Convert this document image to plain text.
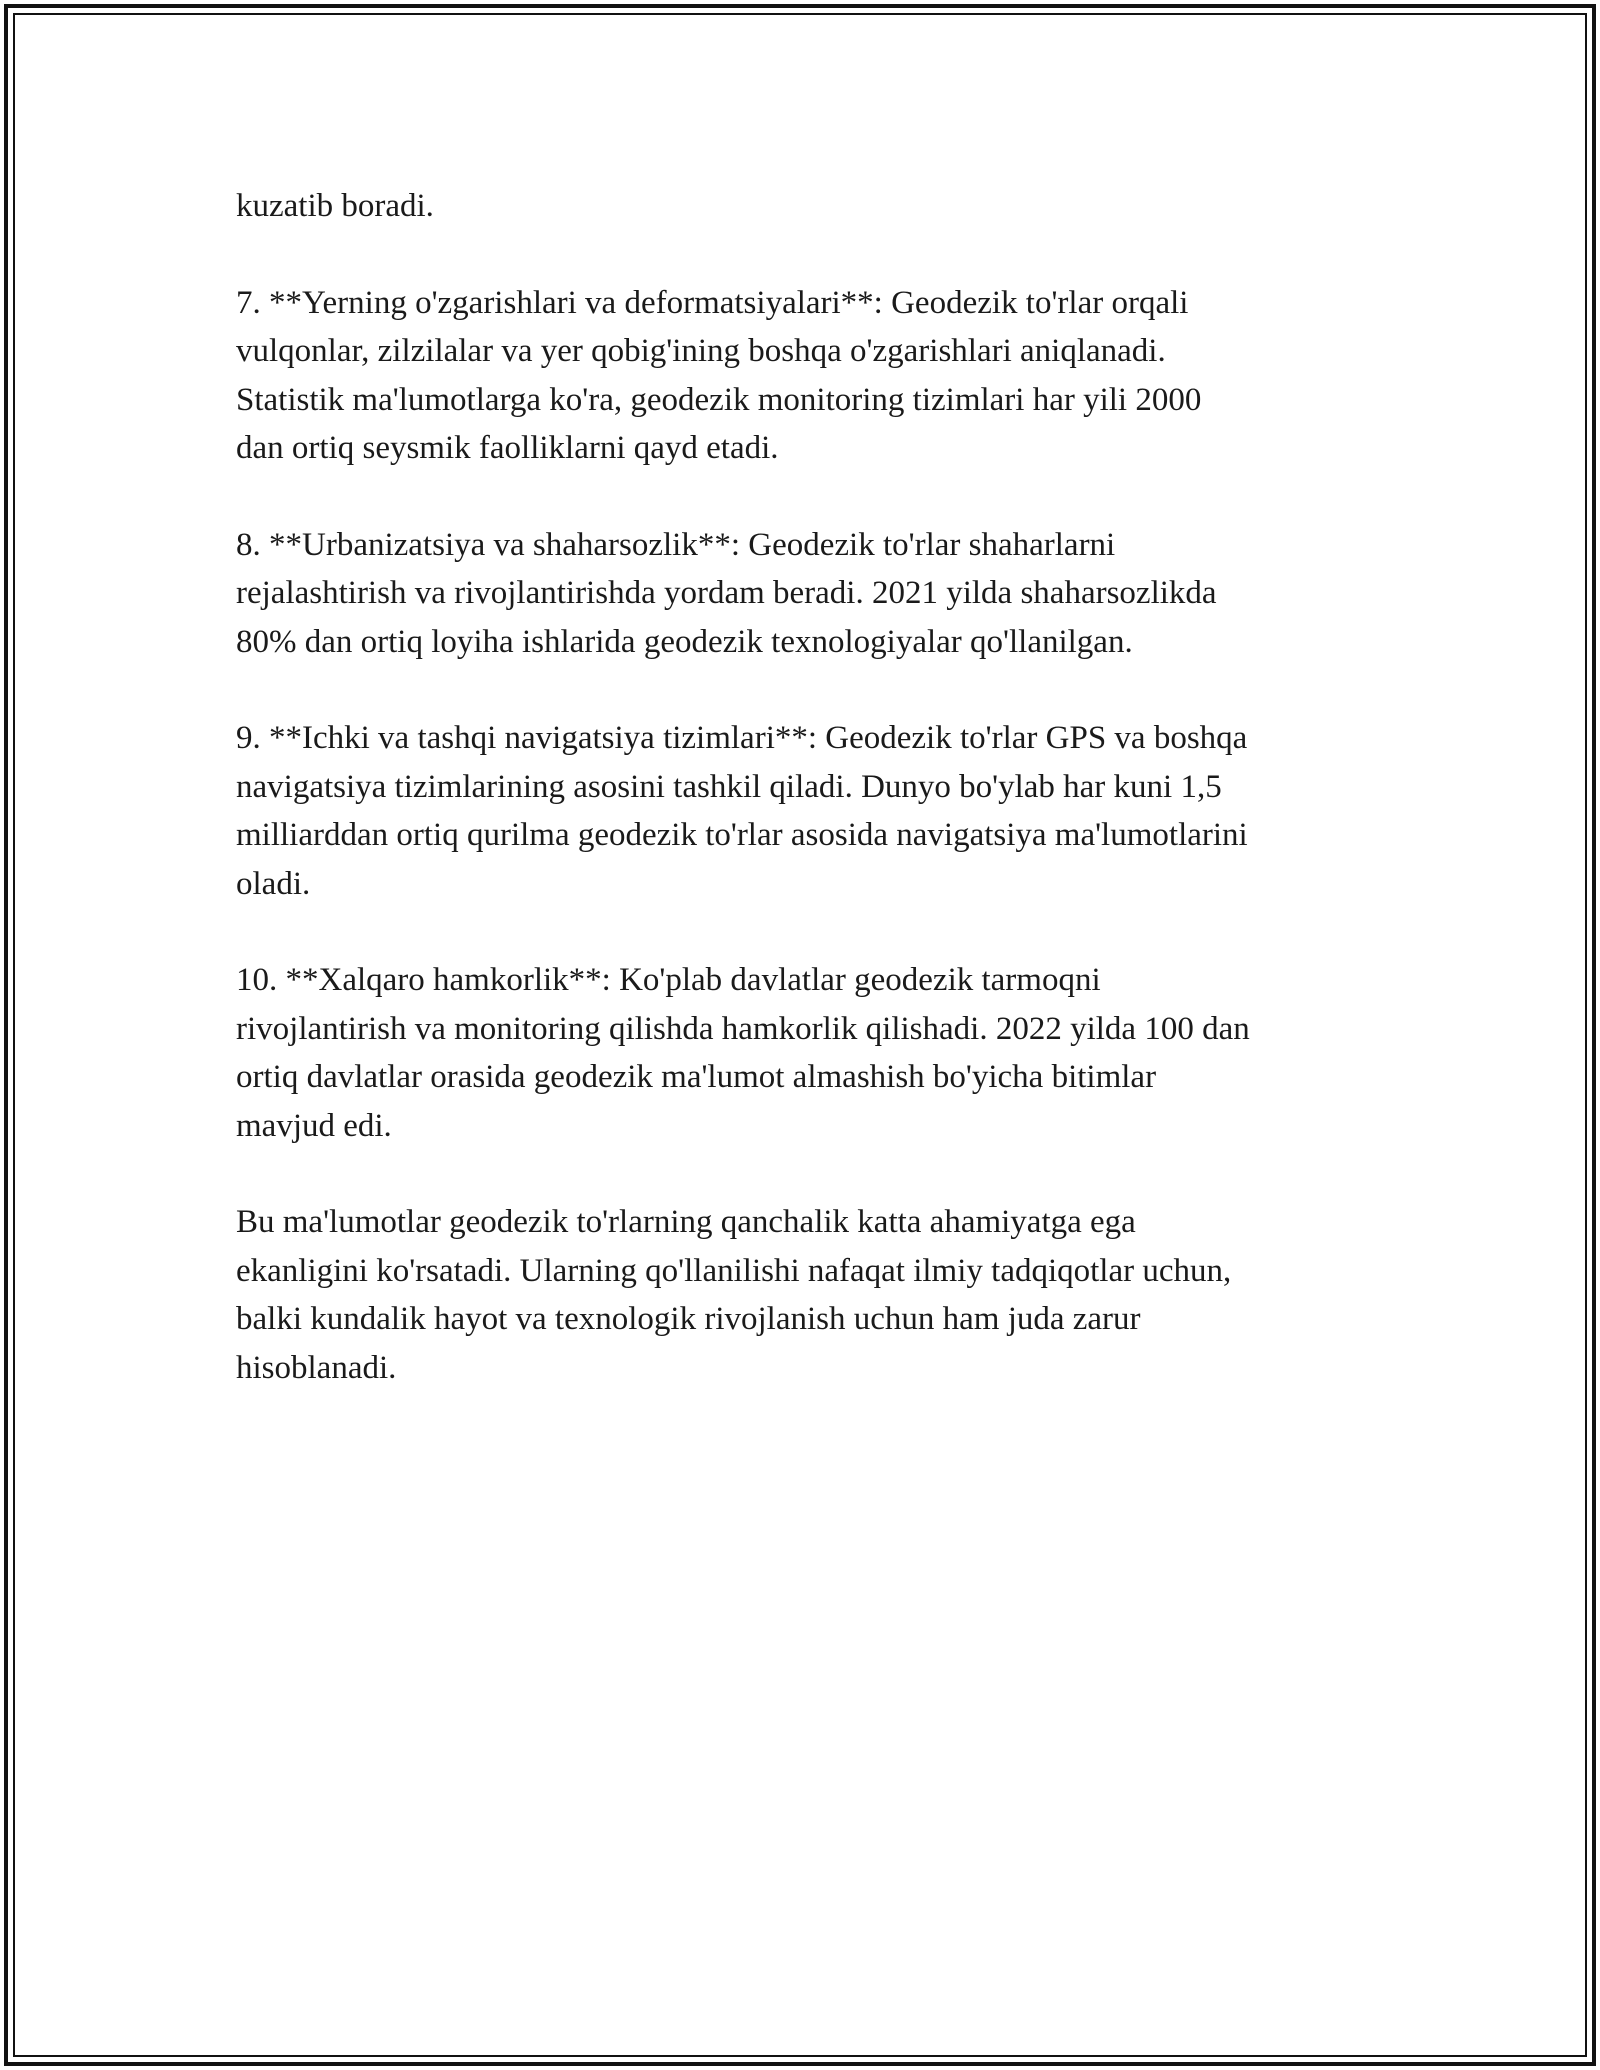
kuzatib boradi.

7. **Yerning o'zgarishlari va deformatsiyalari**: Geodezik to'rlar orqali
vulqonlar, zilzilalar va yer qobig'ining boshqa o'zgarishlari aniqlanadi.
Statistik ma'lumotlarga ko'ra, geodezik monitoring tizimlari har yili 2000
dan ortiq seysmik faolliklarni qayd etadi.

8. **Urbanizatsiya va shaharsozlik**: Geodezik to'rlar shaharlarni
rejalashtirish va rivojlantirishda yordam beradi. 2021 yilda shaharsozlikda
80% dan ortiq loyiha ishlarida geodezik texnologiyalar qo'llanilgan.

9. **Ichki va tashqi navigatsiya tizimlari**: Geodezik to'rlar GPS va boshqa
navigatsiya tizimlarining asosini tashkil qiladi. Dunyo bo'ylab har kuni 1,5
milliarddan ortiq qurilma geodezik to'rlar asosida navigatsiya ma'lumotlarini
oladi.

10. **Xalqaro hamkorlik**: Ko'plab davlatlar geodezik tarmoqni
rivojlantirish va monitoring qilishda hamkorlik qilishadi. 2022 yilda 100 dan
ortiq davlatlar orasida geodezik ma'lumot almashish bo'yicha bitimlar
mavjud edi.

Bu ma'lumotlar geodezik to'rlarning qanchalik katta ahamiyatga ega
ekanligini ko'rsatadi. Ularning qo'llanilishi nafaqat ilmiy tadqiqotlar uchun,
balki kundalik hayot va texnologik rivojlanish uchun ham juda zarur
hisoblanadi.
